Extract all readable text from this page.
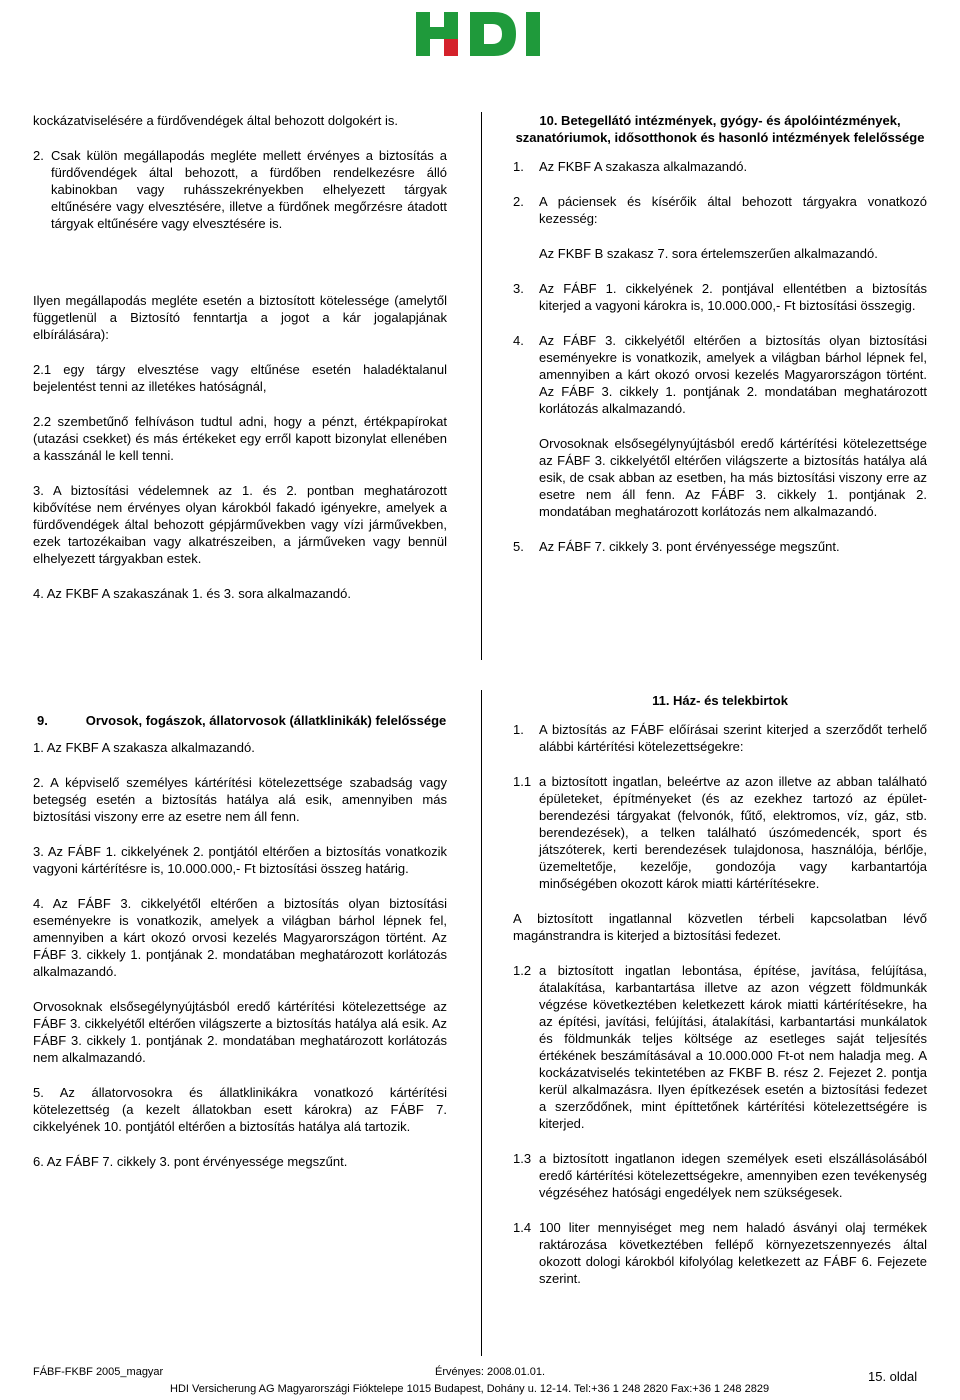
kockázatviselésére a fürdővendégek által behozott dolgokért is.

2. Csak külön megállapodás megléte mellett érvényes a biztosítás a fürdővendégek által behozott, a fürdőben rendelkezésre álló kabinokban vagy ruhásszekrényekben elhelyezett tárgyak eltűnésére vagy elvesztésére, illetve a fürdőnek megőrzésre átadott tárgyak eltűnésére vagy elvesztésére is.

Ilyen megállapodás megléte esetén a biztosított kötelessége (amelytől függetlenül a Biztosító fenntartja a jogot a kár jogalapjának elbírálására):

2.1 egy tárgy elvesztése vagy eltűnése esetén haladéktalanul bejelentést tenni az illetékes hatóságnál,

2.2 szembetűnő felhíváson tudtul adni, hogy a pénzt, értékpapírokat (utazási csekket) és más értékeket egy erről kapott bizonylat ellenében a kasszánál le kell tenni.

3. A biztosítási védelemnek az 1. és 2. pontban meghatározott kibővítése nem érvényes olyan károkból fakadó igényekre, amelyek a fürdővendégek által behozott gépjárművekben vagy vízi járművekben, ezek tartozékaiban vagy alkatrészeiben, a járműveken vagy bennül elhelyezett tárgyakban estek.

4. Az FKBF A szakaszának 1. és 3. sora alkalmazandó.

10. Betegellátó intézmények, gyógy- és ápolóintézmények, szanatóriumok, idősotthonok és hasonló intézmények felelőssége

1. Az FKBF A szakasza alkalmazandó.
2. A páciensek és kísérőik által behozott tárgyakra vonatkozó kezesség:

Az FKBF B szakasz 7. sora értelemszerűen alkalmazandó.

3. Az FÁBF 1. cikkelyének 2. pontjával ellentétben a biztosítás kiterjed a vagyoni károkra is, 10.000.000,- Ft biztosítási összegig.
4. Az FÁBF 3. cikkelyétől eltérően a biztosítás olyan biztosítási eseményekre is vonatkozik, amelyek a világban bárhol lépnek fel, amennyiben a kárt okozó orvosi kezelés Magyarországon történt. Az FÁBF 3. cikkely 1. pontjának 2. mondatában meghatározott korlátozás alkalmazandó.

Orvosoknak elsősegélynyújtásból eredő kártérítési kötelezettsége az FÁBF 3. cikkelyétől eltérően világszerte a biztosítás hatálya alá esik, de csak abban az esetben, ha más biztosítási viszony erre az esetre nem áll fenn. Az FÁBF 3. cikkely 1. pontjának 2. mondatában meghatározott korlátozás nem alkalmazandó.

5. Az FÁBF 7. cikkely 3. pont érvényessége megszűnt.
9.	Orvosok, fogászok, állatorvosok (állatklinikák) felelőssége

1. Az FKBF A szakasza alkalmazandó.

2. A képviselő személyes kártérítési kötelezettsége szabadság vagy betegség esetén a biztosítás hatálya alá esik, amennyiben más biztosítási viszony erre az esetre nem áll fenn.
3. Az FÁBF 1. cikkelyének 2. pontjától eltérően a biztosítás vonatkozik vagyoni kártérítésre is, 10.000.000,- Ft biztosítási összeg határig.
4. Az FÁBF 3. cikkelyétől eltérően a biztosítás olyan biztosítási eseményekre is vonatkozik, amelyek a világban bárhol lépnek fel, amennyiben a kárt okozó orvosi kezelés Magyarországon történt. Az FÁBF 3. cikkely 1. pontjának 2. mondatában meghatározott korlátozás alkalmazandó.

Orvosoknak elsősegélynyújtásból eredő kártérítési kötelezettsége az FÁBF 3. cikkelyétől eltérően világszerte a biztosítás hatálya alá esik. Az FÁBF 3. cikkely 1. pontjának 2. mondatában meghatározott korlátozás nem alkalmazandó.

5. Az állatorvosokra és állatklinikákra vonatkozó kártérítési kötelezettség (a kezelt állatokban esett károkra) az FÁBF 7. cikkelyének 10. pontjától eltérően a biztosítás hatálya alá tartozik.
6. Az FÁBF 7. cikkely 3. pont érvényessége megszűnt.

11. Ház- és telekbirtok

1. A biztosítás az FÁBF előírásai szerint kiterjed a szerződőt terhelő alábbi kártérítési kötelezettségekre:
1.1 a biztosított ingatlan, beleértve az azon illetve az abban található épületeket, építményeket (és az ezekhez tartozó az épület-berendezési tárgyakat (felvonók, fűtő, elektromos, víz, gáz, stb. berendezések), a telken található úszómedencék, sport és játszóterek, kerti berendezések tulajdonosa, használója, bérlője, üzemeltetője, kezelője, gondozója vagy karbantartója minőségében okozott károk miatti kártérítésekre.

A biztosított ingatlannal közvetlen térbeli kapcsolatban lévő magánstrandra is kiterjed a biztosítási fedezet.

1.2 a biztosított ingatlan lebontása, építése, javítása, felújítása, átalakítása, karbantartása illetve az azon végzett földmunkák végzése következtében keletkezett károk miatti kártérítésekre, ha az építési, javítási, felújítási, átalakítási, karbantartási munkálatok és földmunkák teljes költsége az esetleges saját teljesítés értékének beszámításával a 10.000.000 Ft-ot nem haladja meg. A kockázatviselés tekintetében az FKBF B. rész 2. Fejezet 2. pontja kerül alkalmazásra. Ilyen építkezések esetén a biztosítási fedezet a szerződőnek, mint építtetőnek kártérítési kötelezettségére is kiterjed.
1.3 a biztosított ingatlanon idegen személyek eseti elszállásolásából eredő kártérítési kötelezettségekre, amennyiben ezen tevékenység végzéséhez hatósági engedélyek nem szükségesek.
1.4 100 liter mennyiséget meg nem haladó ásványi olaj termékek raktározása következtében fellépő környezetszennyezés által okozott dologi károkból kifolyólag keletkezett az FÁBF 6. Fejezete szerint.
FÁBF-FKBF 2005_magyar	Érvényes: 2008.01.01.	15. oldal
HDI Versicherung AG Magyarországi Fióktelepe 1015 Budapest, Dohány u. 12-14. Tel:+36 1 248 2820 Fax:+36 1 248 2829
